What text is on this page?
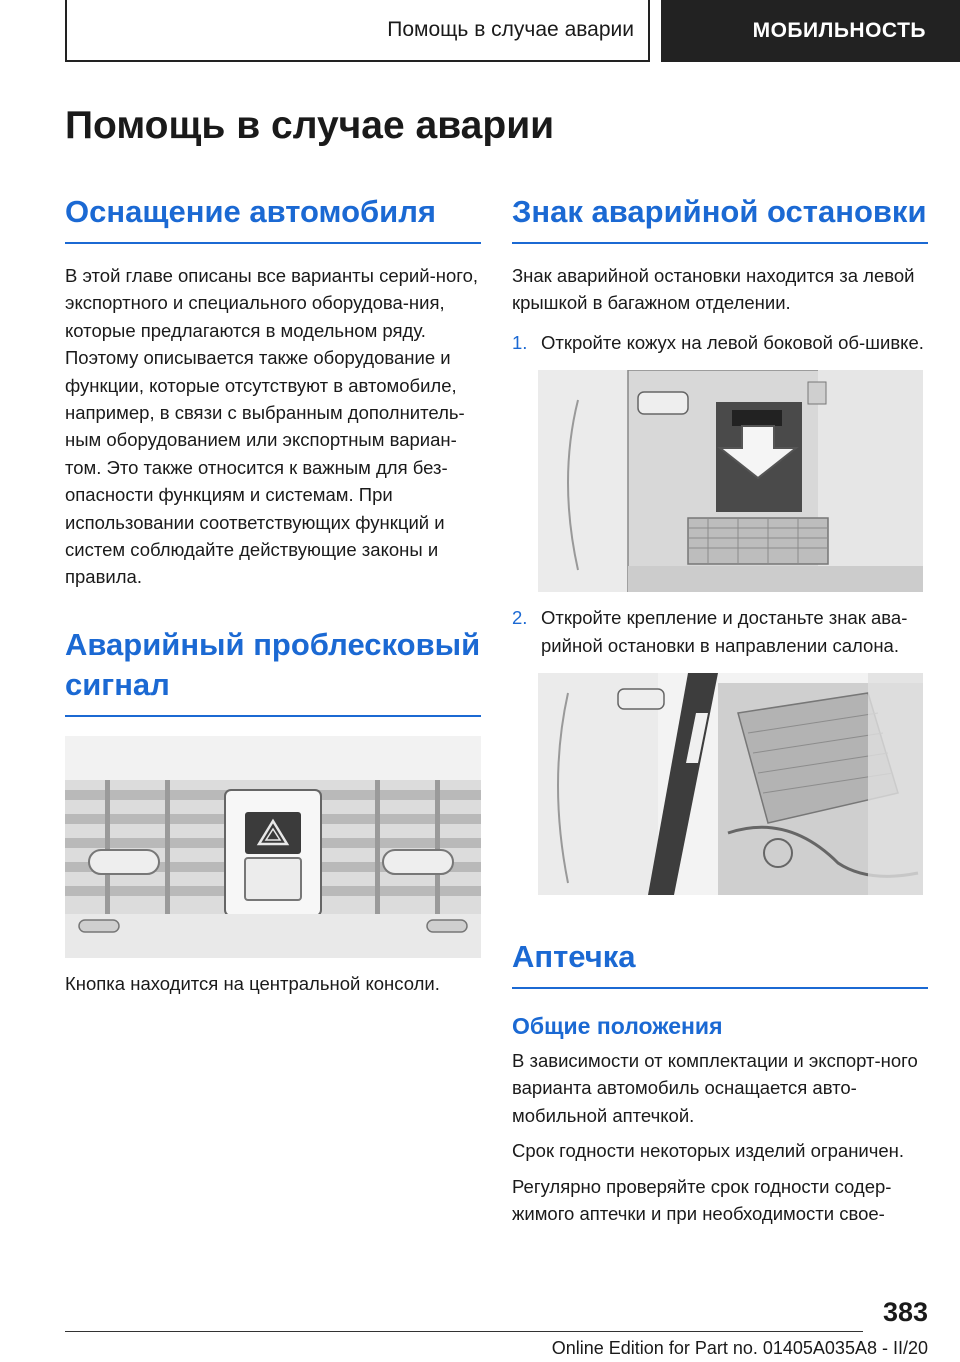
Помощь в случае аварии	МОБИЛЬНОСТЬ
Помощь в случае аварии
Оснащение автомобиля

В этой главе описаны все варианты серий-ного, экспортного и специального оборудова-ния, которые предлагаются в модельном ряду. Поэтому описывается также оборудование и функции, которые отсутствуют в автомобиле, например, в связи с выбранным дополнитель-ным оборудованием или экспортным вариан-том. Это также относится к важным для без-опасности функциям и системам. При использовании соответствующих функций и систем соблюдайте действующие законы и правила.

Аварийный проблесковый сигнал

Кнопка находится на центральной консоли.

Знак аварийной остановки

Знак аварийной остановки находится за левой крышкой в багажном отделении.

1. Откройте кожух на левой боковой об-шивке.
2. Откройте крепление и достаньте знак ава-рийной остановки в направлении салона.
Аптечка
Общие положения

В зависимости от комплектации и экспорт-ного варианта автомобиль оснащается авто-мобильной аптечкой.

Срок годности некоторых изделий ограничен.

Регулярно проверяйте срок годности содер-жимого аптечки и при необходимости свое-

383
Online Edition for Part no. 01405A035A8 - II/20
